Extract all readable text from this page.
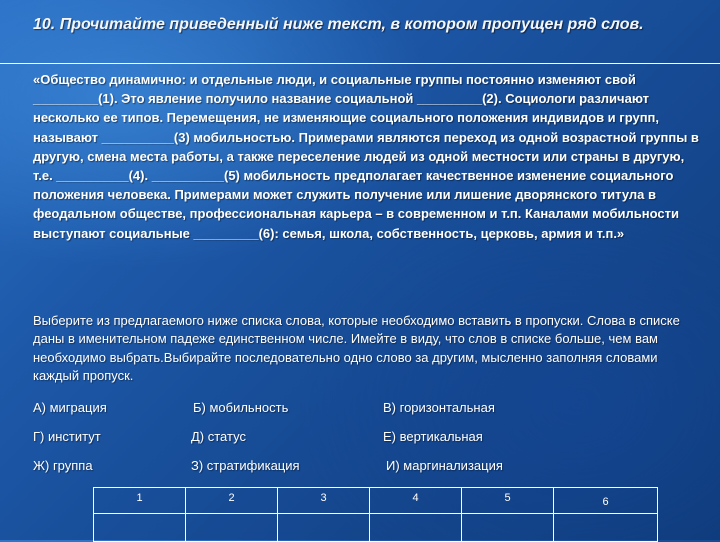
10. Прочитайте приведенный ниже текст, в котором пропущен ряд слов.
«Общество динамично: и отдельные люди, и социальные группы постоянно изменяют свой _________(1). Это явление получило название социальной _________(2). Социологи различают несколько ее типов. Перемещения, не изменяющие социального положения индивидов и групп, называют __________(3) мобильностью. Примерами являются переход из одной возрастной группы в другую, смена места работы, а также переселение людей из одной местности или страны в другую, т.е. __________(4). __________(5) мобильность предполагает качественное изменение социального положения человека. Примерами может служить получение или лишение дворянского титула в феодальном обществе, профессиональная карьера – в современном и т.п. Каналами мобильности выступают социальные _________(6): семья, школа, собственность, церковь, армия и т.п.»
Выберите из предлагаемого ниже списка слова, которые необходимо вставить в пропуски. Слова в списке даны в именительном падеже единственном числе. Имейте в виду, что слов в списке больше, чем вам необходимо выбрать.Выбирайте последовательно одно слово за другим, мысленно заполняя словами каждый пропуск.
А) миграция	Б) мобильность	В) горизонтальная
Г) институт	Д) статус	Е) вертикальная
Ж) группа	З) стратификация	И) маргинализация
1	2	3	4	5	6
